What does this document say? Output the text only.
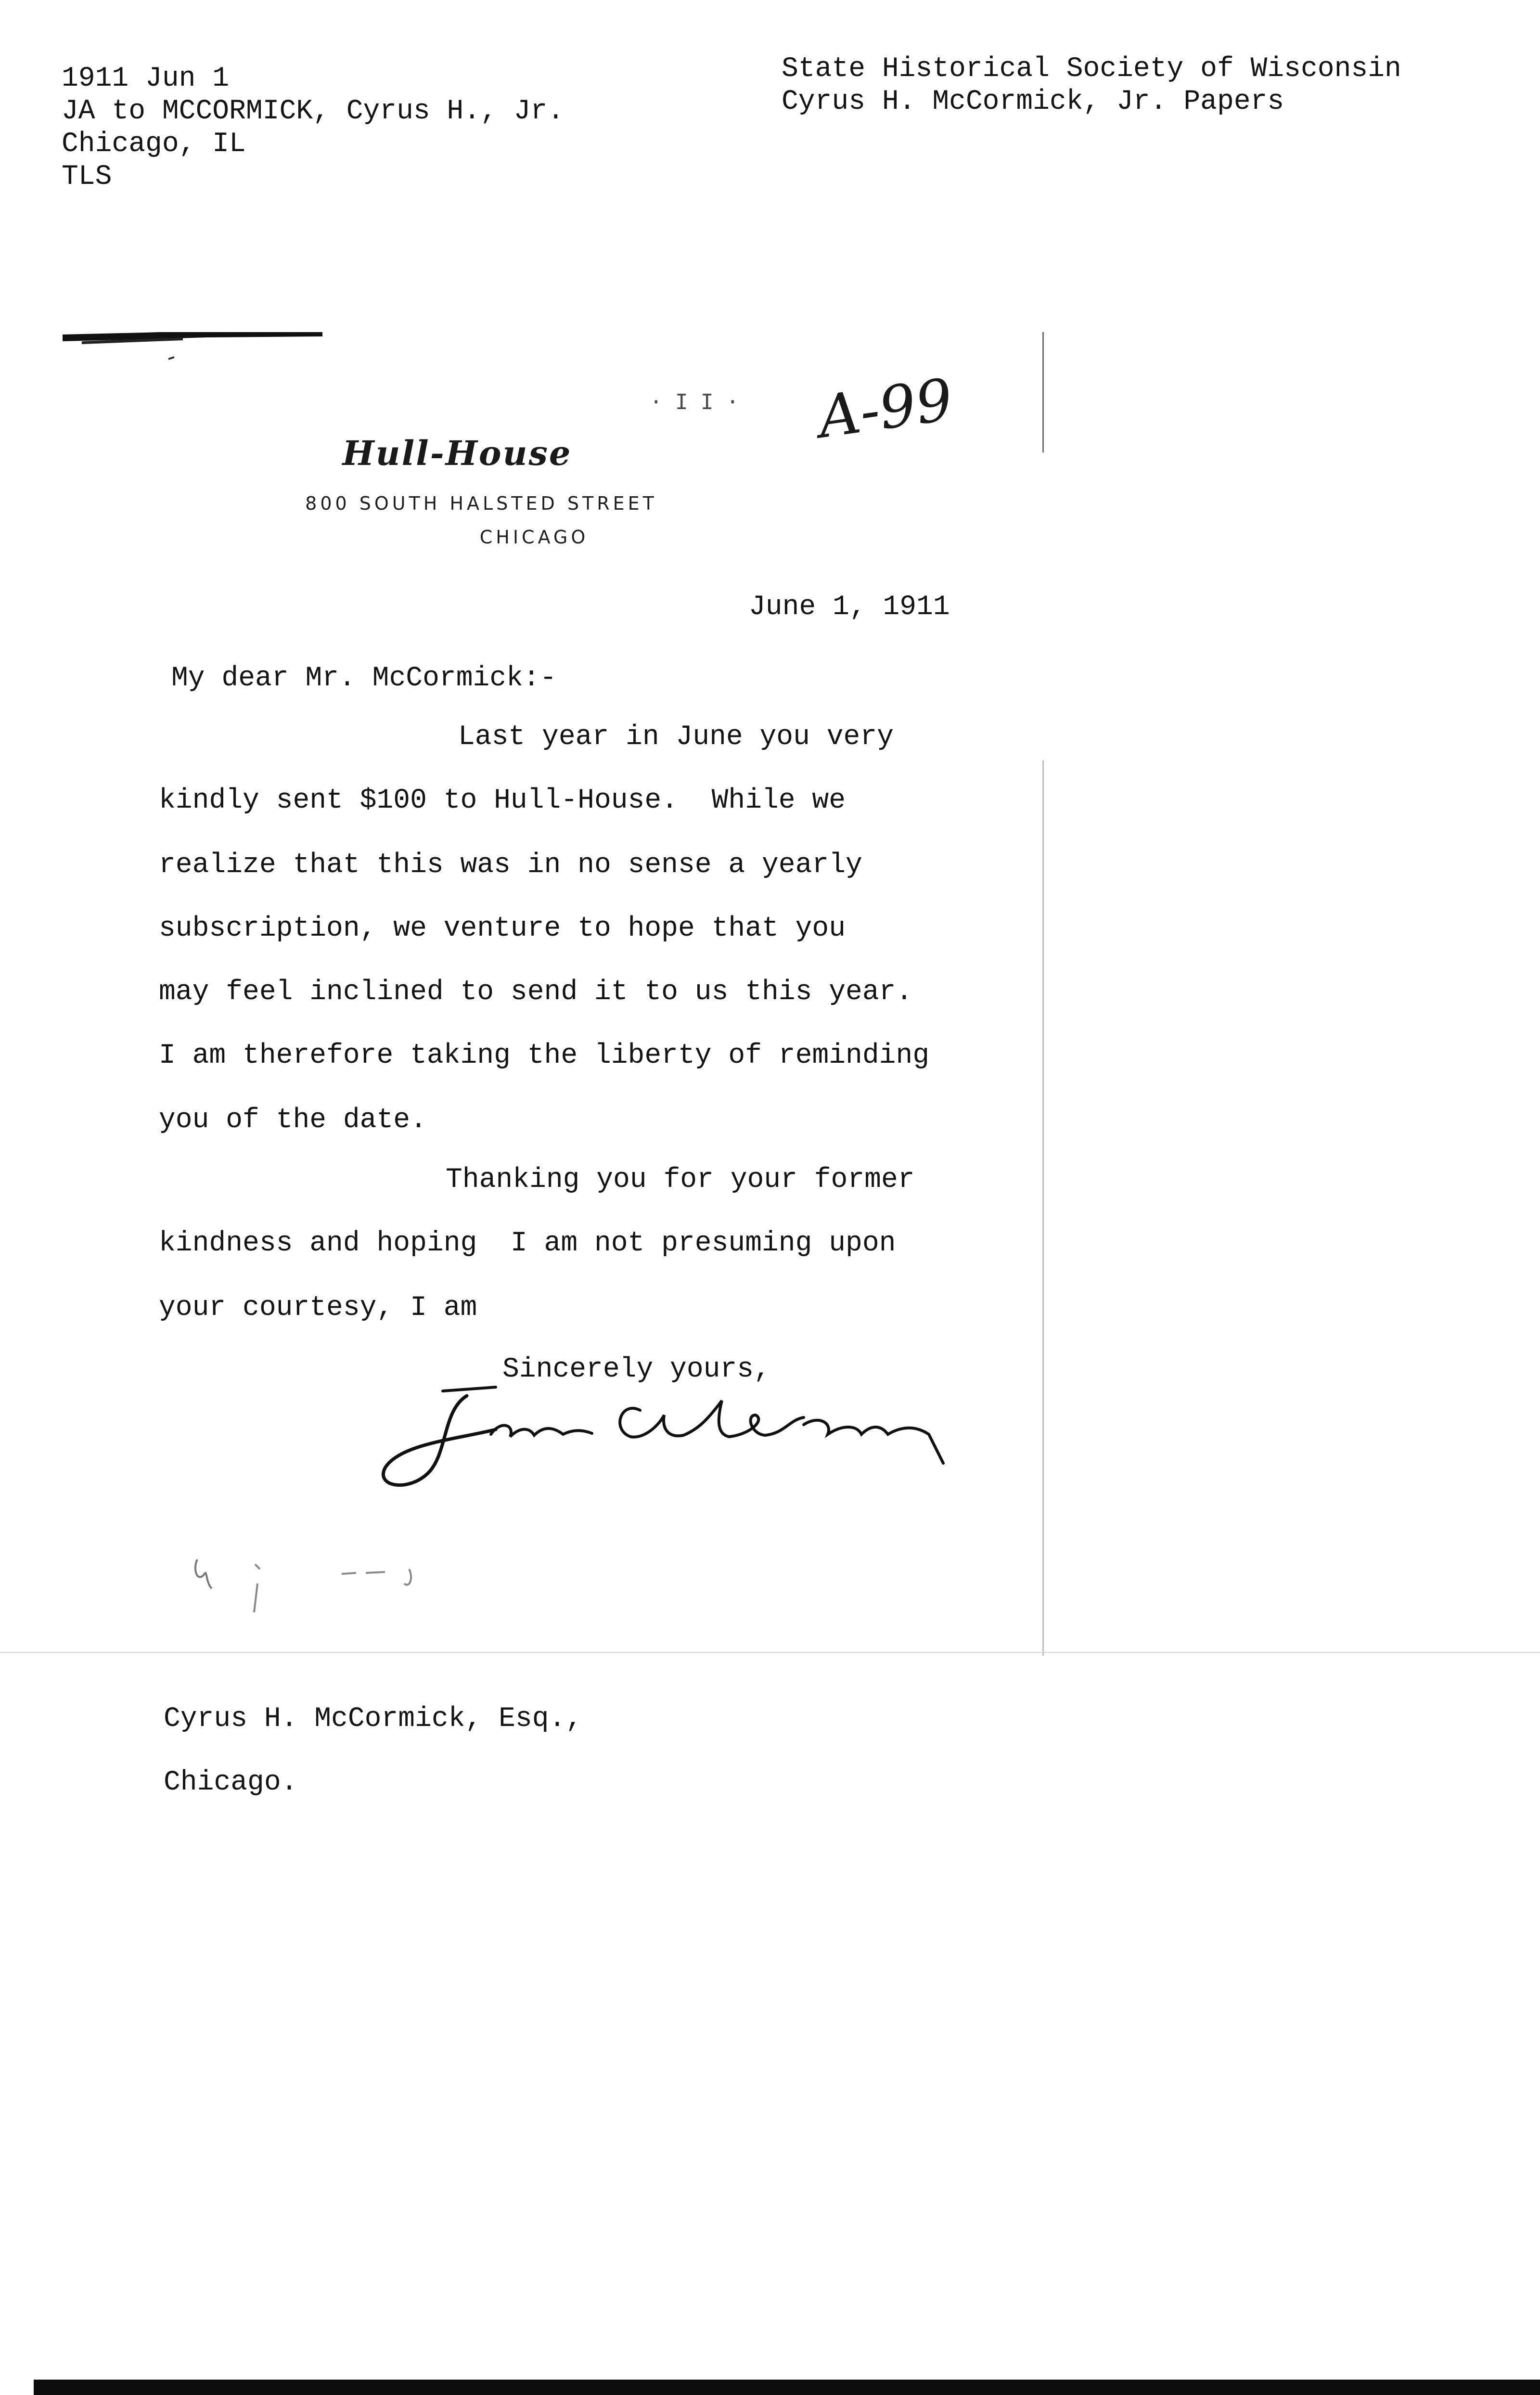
1911 Jun 1
JA to MCCORMICK, Cyrus H., Jr.
Chicago, IL
TLS
State Historical Society of Wisconsin
Cyrus H. McCormick, Jr. Papers
· I I · A-99
Hull-House
800 SOUTH HALSTED STREET
CHICAGO
June 1, 1911
My dear Mr. McCormick:-
Last year in June you very
kindly sent $100 to Hull-House.  While we
realize that this was in no sense a yearly
subscription, we venture to hope that you
may feel inclined to send it to us this year.
I am therefore taking the liberty of reminding
you of the date.
Thanking you for your former
kindness and hoping  I am not presuming upon
your courtesy, I am
Sincerely yours,
Cyrus H. McCormick, Esq.,
Chicago.
